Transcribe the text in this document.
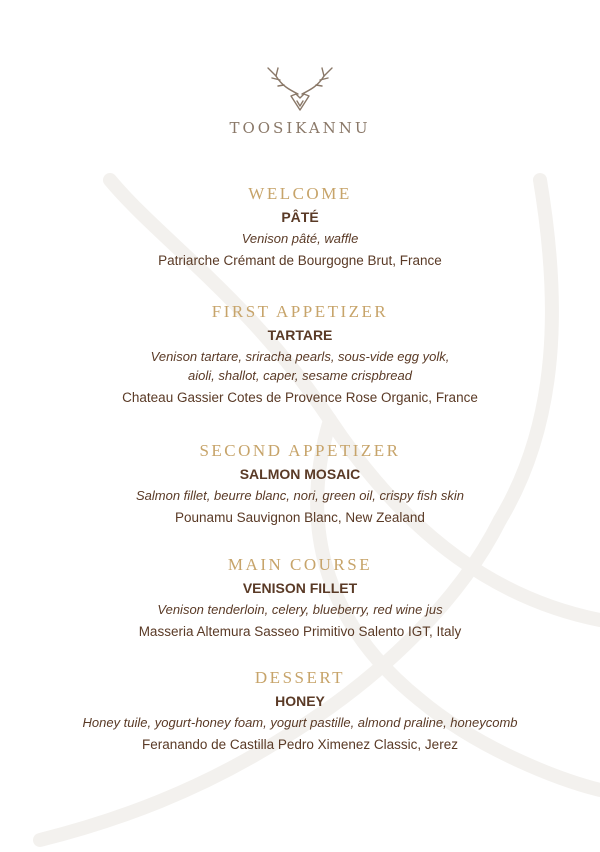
TOOSIKANNU
WELCOME
PÂTÉ
Venison pâté, waffle
Patriarche Crémant de Bourgogne Brut, France
FIRST APPETIZER
TARTARE
Venison tartare, sriracha pearls, sous-vide egg yolk,
aioli, shallot, caper, sesame crispbread
Chateau Gassier Cotes de Provence Rose Organic, France
SECOND APPETIZER
SALMON MOSAIC
Salmon fillet, beurre blanc, nori, green oil, crispy fish skin
Pounamu Sauvignon Blanc, New Zealand
MAIN COURSE
VENISON FILLET
Venison tenderloin, celery, blueberry, red wine jus
Masseria Altemura Sasseo Primitivo Salento IGT, Italy
DESSERT
HONEY
Honey tuile, yogurt-honey foam, yogurt pastille, almond praline, honeycomb
Feranando de Castilla Pedro Ximenez Classic, Jerez
